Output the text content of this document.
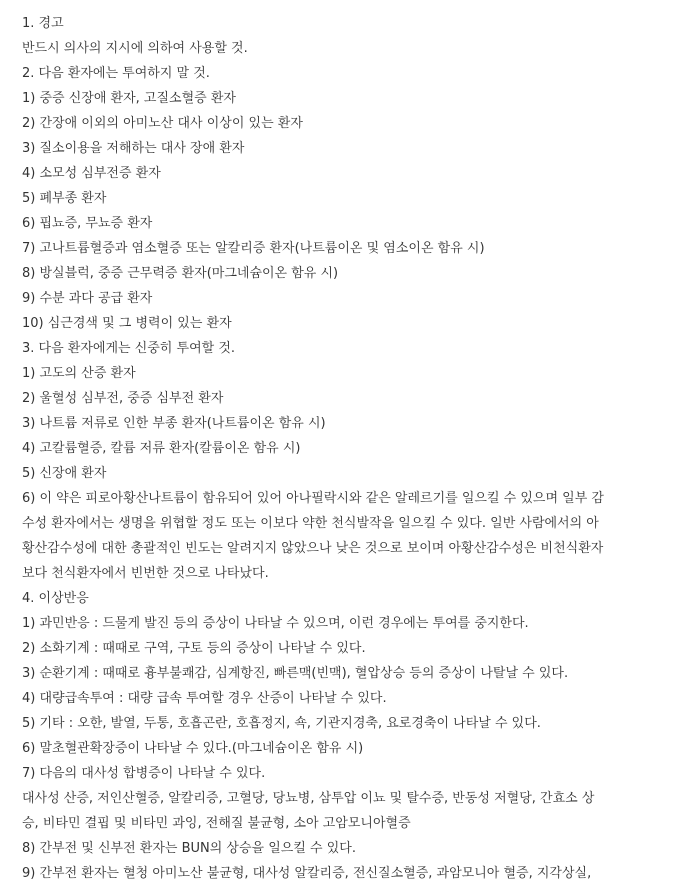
1. 경고

반드시 의사의 지시에 의하여 사용할 것.

2. 다음 환자에는 투여하지 말 것.

1) 중증 신장애 환자, 고질소혈증 환자

2) 간장애 이외의 아미노산 대사 이상이 있는 환자

3) 질소이용을 저해하는 대사 장애 환자

4) 소모성 심부전증 환자

5) 폐부종 환자

6) 핍뇨증, 무뇨증 환자

7) 고나트륨혈증과 염소혈증 또는 알칼리증 환자(나트륨이온 및 염소이온 함유 시)

8) 방실블럭, 중증 근무력증 환자(마그네슘이온 함유 시)

9) 수분 과다 공급 환자

10) 심근경색 및 그 병력이 있는 환자

3. 다음 환자에게는 신중히 투여할 것.

1) 고도의 산증 환자

2) 울혈성 심부전, 중증 심부전 환자

3) 나트륨 저류로 인한 부종 환자(나트륨이온 함유 시)

4) 고칼륨혈증, 칼륨 저류 환자(칼륨이온 함유 시)

5) 신장애 환자

6) 이 약은 피로아황산나트륨이 함유되어 있어 아나필락시와 같은 알레르기를 일으킬 수 있으며 일부 감

수성 환자에서는 생명을 위협할 정도 또는 이보다 약한 천식발작을 일으킬 수 있다. 일반 사람에서의 아

황산감수성에 대한 총괄적인 빈도는 알려지지 않았으나 낮은 것으로 보이며 아황산감수성은 비천식환자

보다 천식환자에서 빈번한 것으로 나타났다.

4. 이상반응

1) 과민반응 : 드물게 발진 등의 증상이 나타날 수 있으며, 이런 경우에는 투여를 중지한다.

2) 소화기계 : 때때로 구역, 구토 등의 증상이 나타날 수 있다.

3) 순환기계 : 때때로 흉부불쾌감, 심계항진, 빠른맥(빈맥), 혈압상승 등의 증상이 나탈날 수 있다.

4) 대량급속투여 : 대량 급속 투여할 경우 산증이 나타날 수 있다.

5) 기타 : 오한, 발열, 두통, 호흡곤란, 호흡정지, 쇽, 기관지경축, 요로경축이 나타날 수 있다.

6) 말초혈관확장증이 나타날 수 있다.(마그네슘이온 함유 시)

7) 다음의 대사성 합병증이 나타날 수 있다.

대사성 산증, 저인산혈증, 알칼리증, 고혈당, 당뇨병, 삼투압 이뇨 및 탈수증, 반동성 저혈당, 간효소 상

승, 비타민 결핍 및 비타민 과잉, 전해질 불균형, 소아 고암모니아혈증

8) 간부전 및 신부전 환자는 BUN의 상승을 일으킬 수 있다.

9) 간부전 환자는 혈청 아미노산 불균형, 대사성 알칼리증, 전신질소혈증, 과암모니아 혈증, 지각상실,
